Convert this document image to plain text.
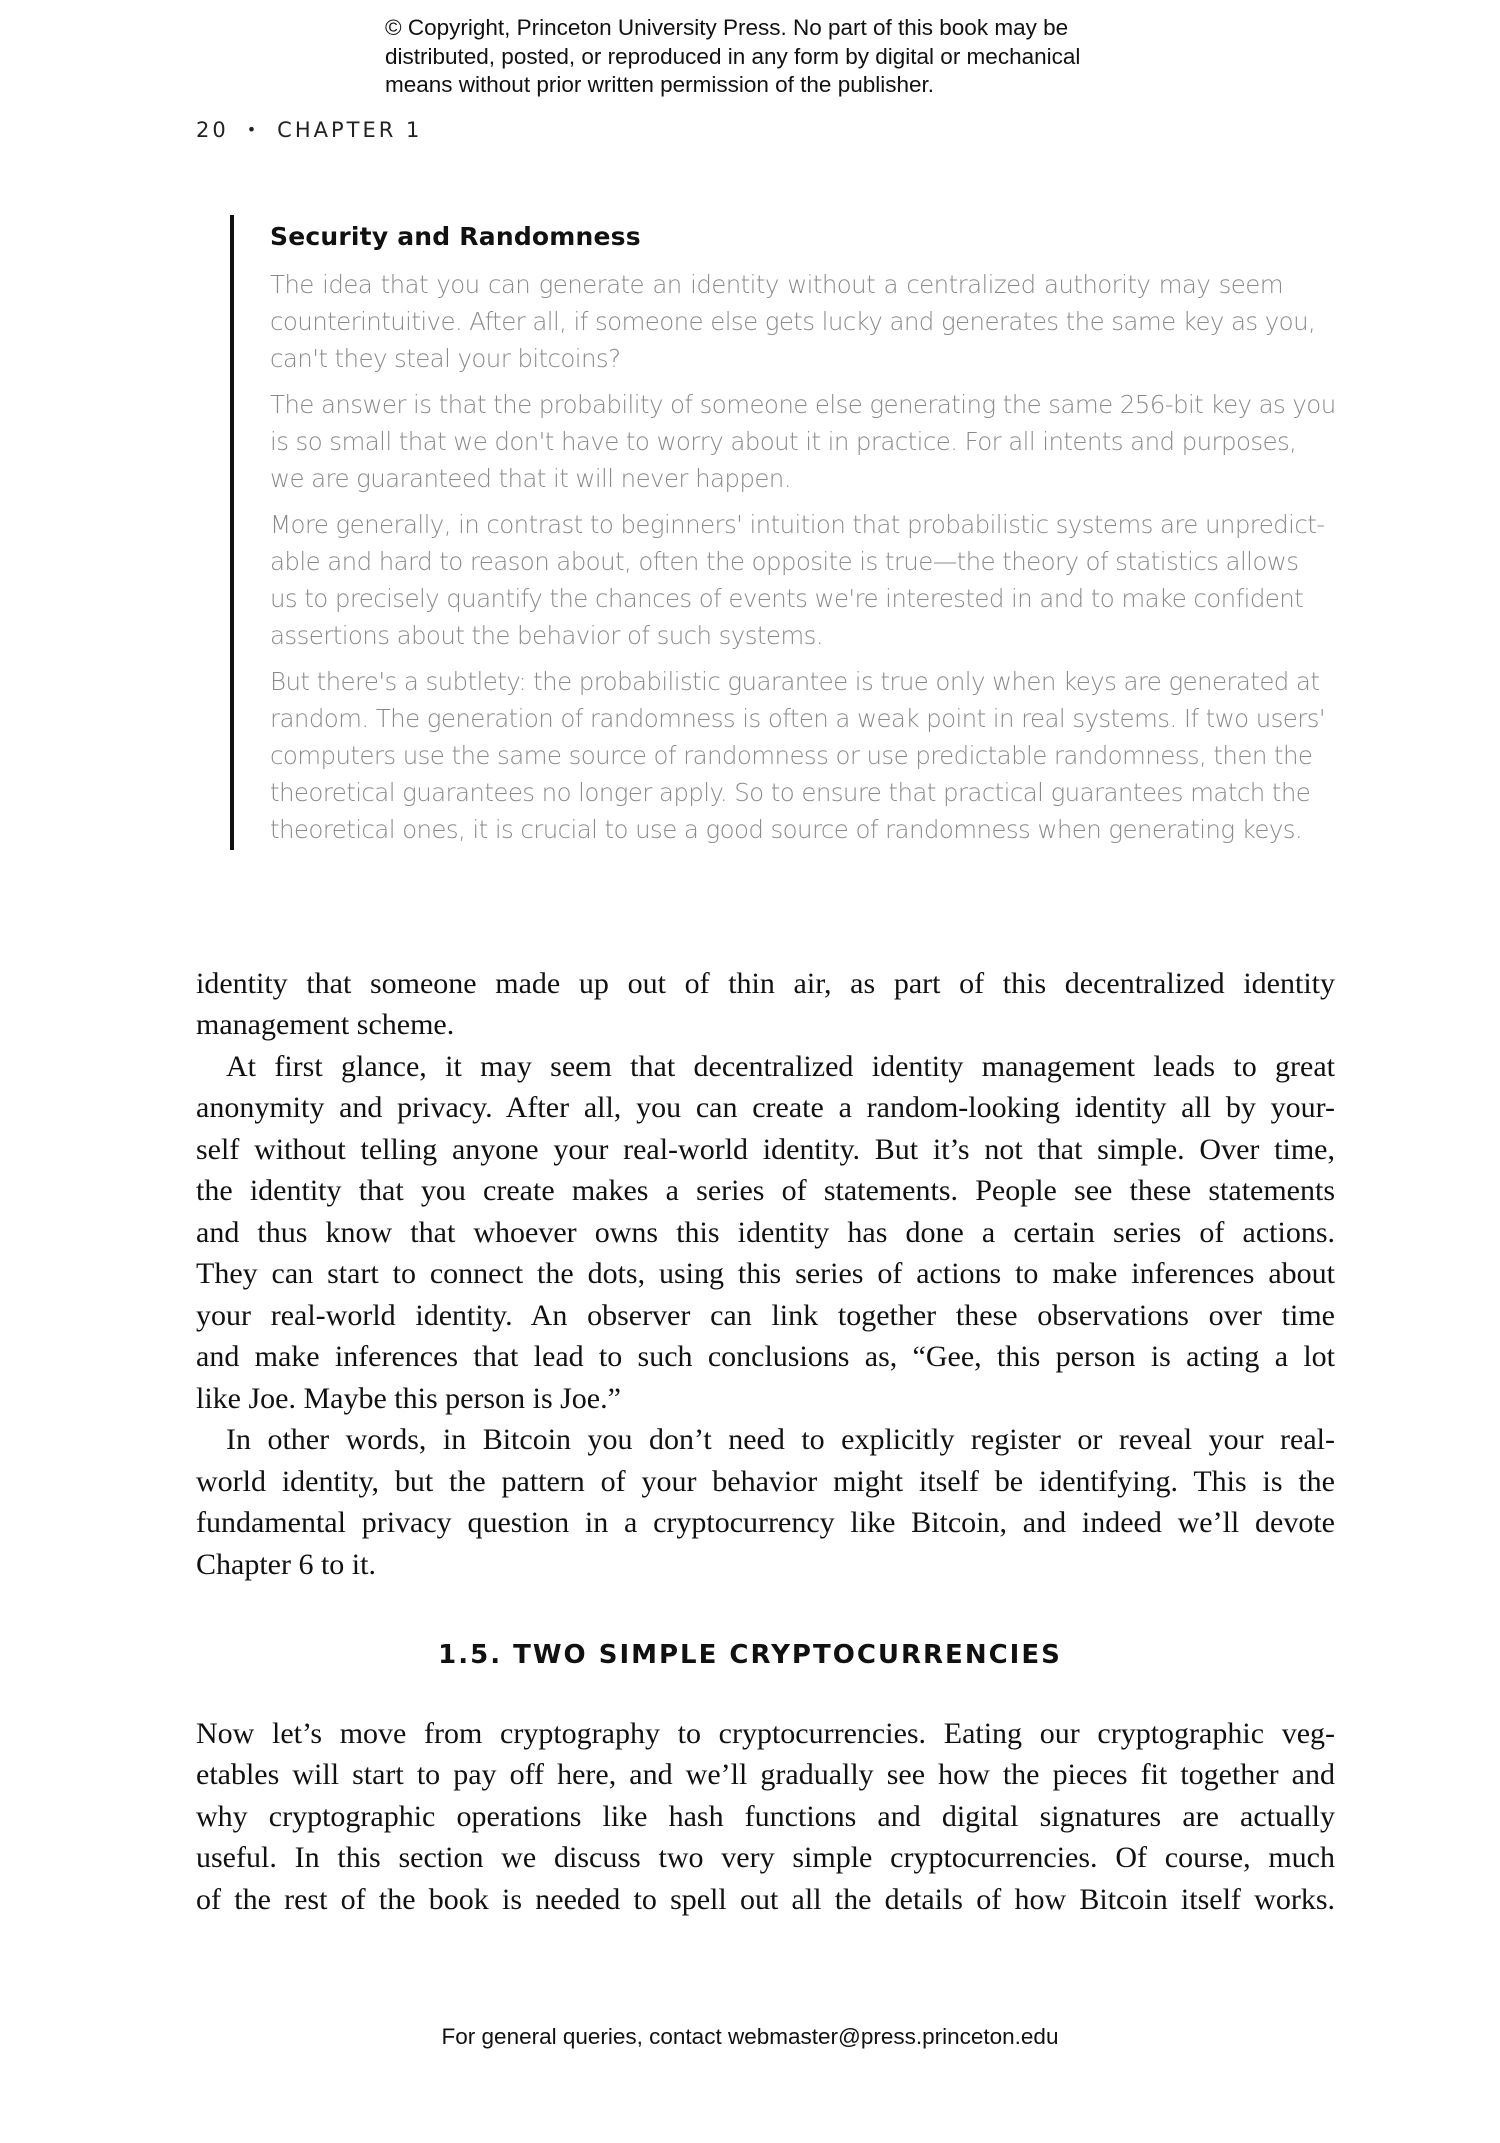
© Copyright, Princeton University Press. No part of this book may be
distributed, posted, or reproduced in any form by digital or mechanical
means without prior written permission of the publisher.
20 • CHAPTER 1
Security and Randomness
The idea that you can generate an identity without a centralized authority may seem
counterintuitive. After all, if someone else gets lucky and generates the same key as you,
can't they steal your bitcoins?
The answer is that the probability of someone else generating the same 256-bit key as you
is so small that we don't have to worry about it in practice. For all intents and purposes,
we are guaranteed that it will never happen.
More generally, in contrast to beginners' intuition that probabilistic systems are unpredict-
able and hard to reason about, often the opposite is true—the theory of statistics allows
us to precisely quantify the chances of events we're interested in and to make confident
assertions about the behavior of such systems.
But there's a subtlety: the probabilistic guarantee is true only when keys are generated at
random. The generation of randomness is often a weak point in real systems. If two users'
computers use the same source of randomness or use predictable randomness, then the
theoretical guarantees no longer apply. So to ensure that practical guarantees match the
theoretical ones, it is crucial to use a good source of randomness when generating keys.
identity that someone made up out of thin air, as part of this decentralized identity
management scheme.
At first glance, it may seem that decentralized identity management leads to great
anonymity and privacy. After all, you can create a random-looking identity all by your-
self without telling anyone your real-world identity. But it’s not that simple. Over time,
the identity that you create makes a series of statements. People see these statements
and thus know that whoever owns this identity has done a certain series of actions.
They can start to connect the dots, using this series of actions to make inferences about
your real-world identity. An observer can link together these observations over time
and make inferences that lead to such conclusions as, “Gee, this person is acting a lot
like Joe. Maybe this person is Joe.”
In other words, in Bitcoin you don’t need to explicitly register or reveal your real-
world identity, but the pattern of your behavior might itself be identifying. This is the
fundamental privacy question in a cryptocurrency like Bitcoin, and indeed we’ll devote
Chapter 6 to it.
1.5. TWO SIMPLE CRYPTOCURRENCIES
Now let’s move from cryptography to cryptocurrencies. Eating our cryptographic veg-
etables will start to pay off here, and we’ll gradually see how the pieces fit together and
why cryptographic operations like hash functions and digital signatures are actually
useful. In this section we discuss two very simple cryptocurrencies. Of course, much
of the rest of the book is needed to spell out all the details of how Bitcoin itself works.
For general queries, contact webmaster@press.princeton.edu
